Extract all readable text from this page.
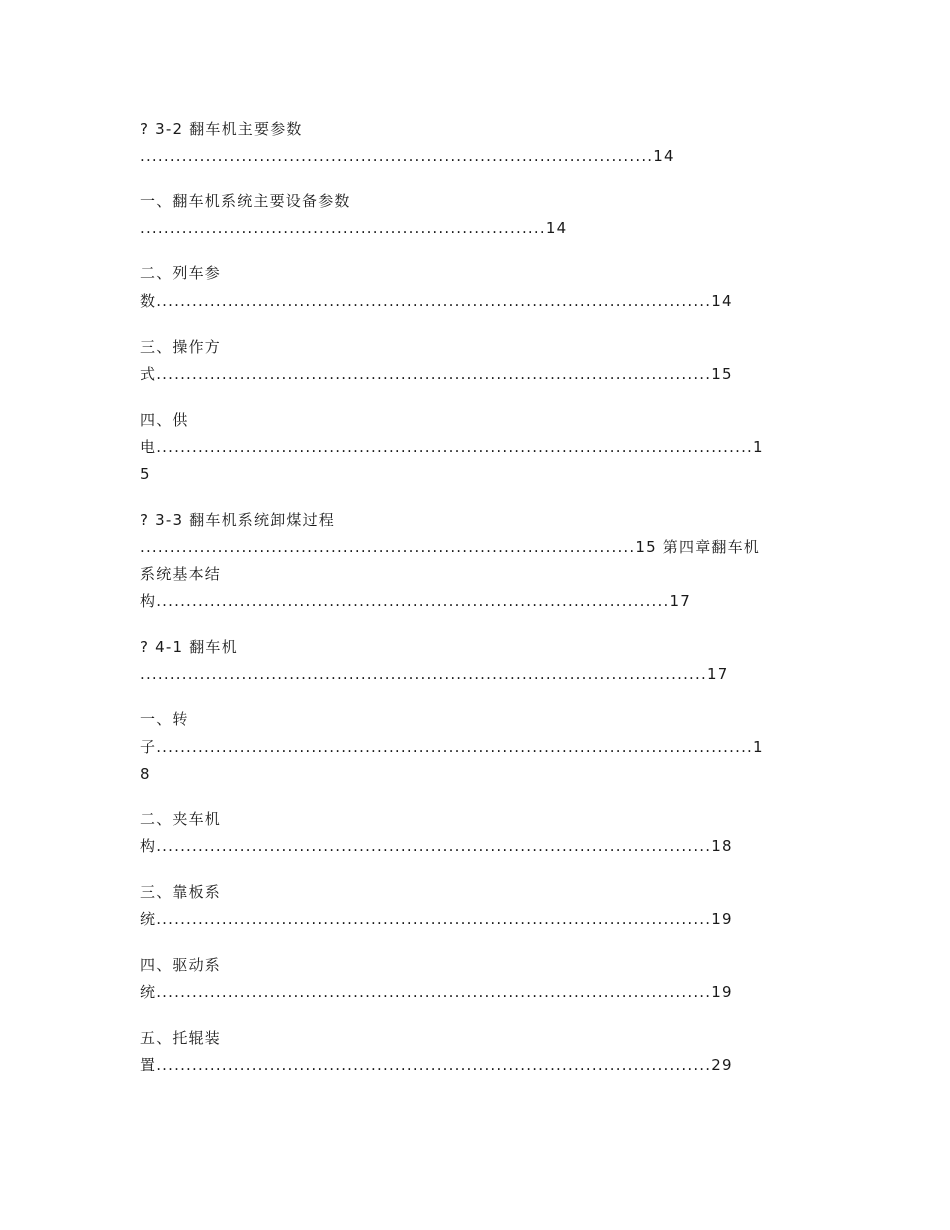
? 3-2 翻车机主要参数
......................................................................................14
一、翻车机系统主要设备参数
....................................................................14
二、列车参
数.............................................................................................14
三、操作方
式.............................................................................................15
四、供
电....................................................................................................1
5
? 3-3 翻车机系统卸煤过程
...................................................................................15 第四章翻车机
系统基本结
构......................................................................................17
? 4-1 翻车机
...............................................................................................17
一、转
子....................................................................................................1
8
二、夹车机
构.............................................................................................18
三、靠板系
统.............................................................................................19
四、驱动系
统.............................................................................................19
五、托辊装
置.............................................................................................29
